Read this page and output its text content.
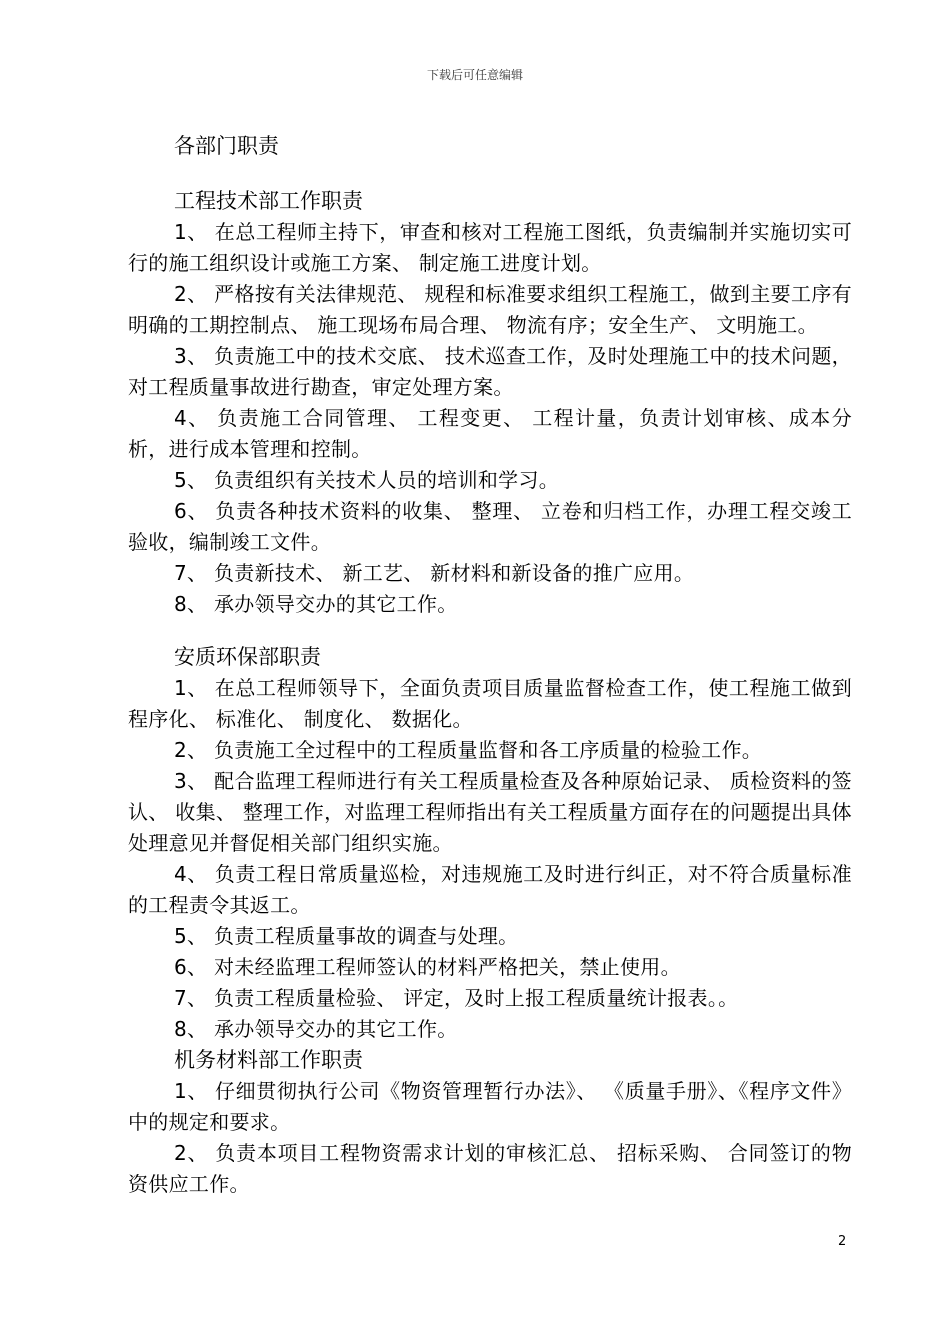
下载后可任意编辑

各部门职责

工程技术部工作职责

1、 在总工程师主持下，审查和核对工程施工图纸，负责编制并实施切实可行的施工组织设计或施工方案、 制定施工进度计划。

2、 严格按有关法律规范、 规程和标准要求组织工程施工，做到主要工序有明确的工期控制点、 施工现场布局合理、 物流有序；安全生产、 文明施工。

3、 负责施工中的技术交底、 技术巡查工作，及时处理施工中的技术问题，对工程质量事故进行勘查，审定处理方案。

4、 负责施工合同管理、 工程变更、 工程计量，负责计划审核、成本分析，进行成本管理和控制。

5、 负责组织有关技术人员的培训和学习。

6、 负责各种技术资料的收集、 整理、 立卷和归档工作，办理工程交竣工验收，编制竣工文件。

7、 负责新技术、 新工艺、 新材料和新设备的推广应用。

8、 承办领导交办的其它工作。

安质环保部职责

1、 在总工程师领导下，全面负责项目质量监督检查工作，使工程施工做到程序化、 标准化、 制度化、 数据化。

2、 负责施工全过程中的工程质量监督和各工序质量的检验工作。

3、 配合监理工程师进行有关工程质量检查及各种原始记录、 质检资料的签认、 收集、 整理工作，对监理工程师指出有关工程质量方面存在的问题提出具体处理意见并督促相关部门组织实施。

4、 负责工程日常质量巡检，对违规施工及时进行纠正，对不符合质量标准的工程责令其返工。

5、 负责工程质量事故的调查与处理。

6、 对未经监理工程师签认的材料严格把关，禁止使用。

7、 负责工程质量检验、 评定，及时上报工程质量统计报表。。

8、 承办领导交办的其它工作。

机务材料部工作职责

1、 仔细贯彻执行公司《物资管理暂行办法》、 《质量手册》、《程序文件》中的规定和要求。

2、 负责本项目工程物资需求计划的审核汇总、 招标采购、 合同签订的物资供应工作。

2
